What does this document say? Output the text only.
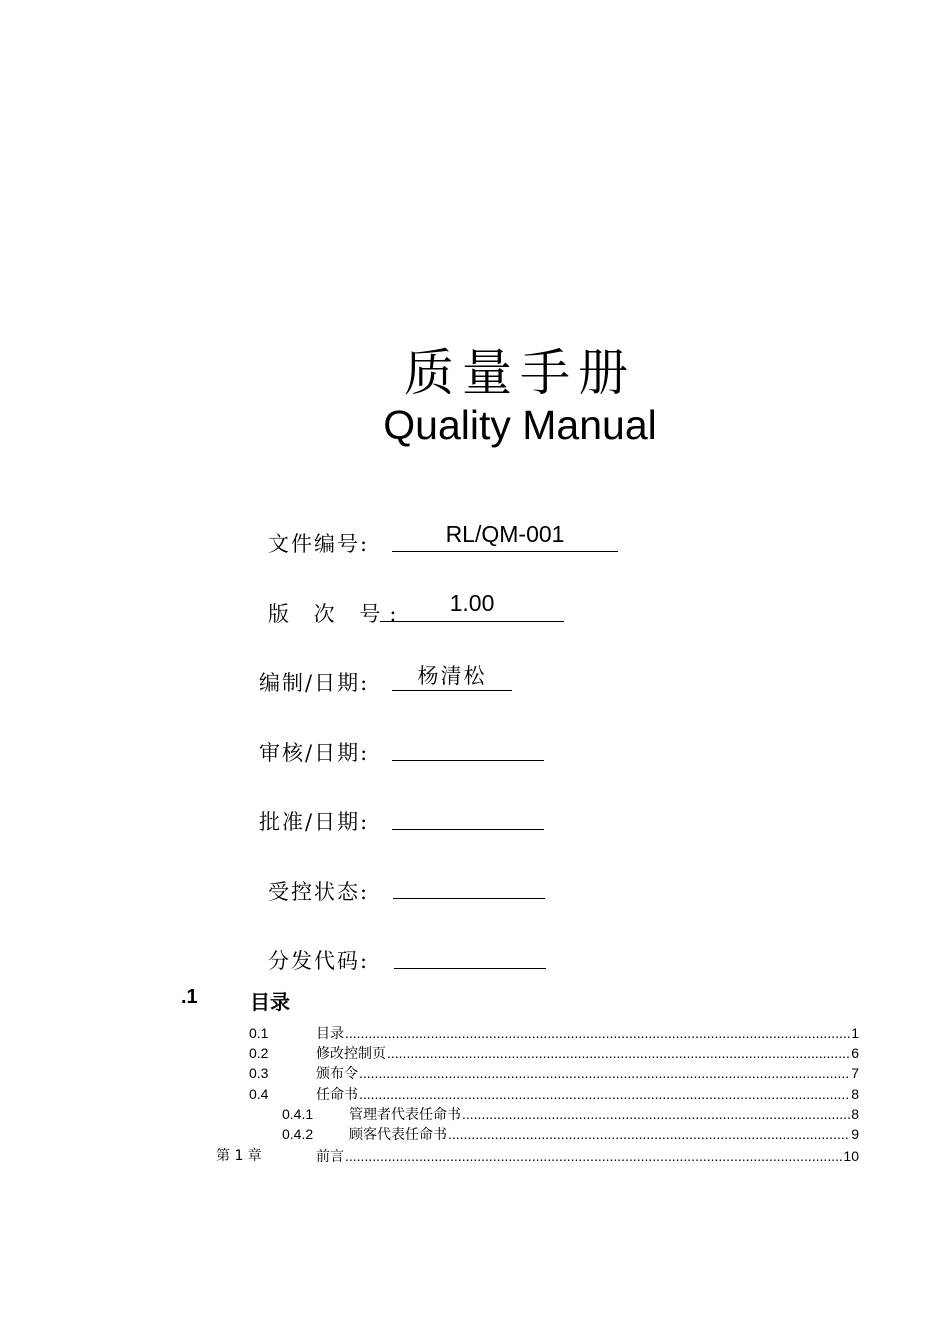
质量手册
Quality Manual
文件编号:	RL/QM-001
版 次 号:	1.00
编制/日期:	杨清松
审核/日期:
批准/日期:
受控状态:
分发代码:
.1	目录
0.1	目录 .....	1
0.2	修改控制页 .....	6
0.3	颁布令 .....	7
0.4	任命书 .....	8
0.4.1	管理者代表任命书 .....	8
0.4.2	顾客代表任命书 .....	9
第 1 章	前言 .....	10
